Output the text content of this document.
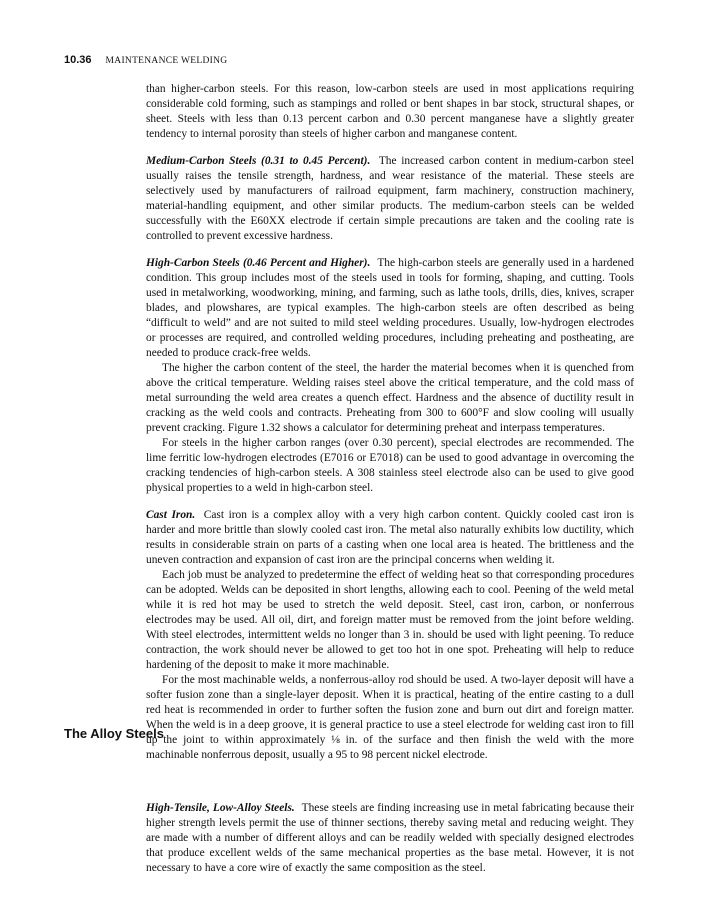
10.36 MAINTENANCE WELDING

than higher-carbon steels. For this reason, low-carbon steels are used in most applications requiring considerable cold forming, such as stampings and rolled or bent shapes in bar stock, structural shapes, or sheet. Steels with less than 0.13 percent carbon and 0.30 percent manganese have a slightly greater tendency to internal porosity than steels of higher carbon and manganese content.

Medium-Carbon Steels (0.31 to 0.45 Percent). The increased carbon content in medium-carbon steel usually raises the tensile strength, hardness, and wear resistance of the material. These steels are selectively used by manufacturers of railroad equipment, farm machinery, construction machinery, material-handling equipment, and other similar products. The medium-carbon steels can be welded successfully with the E60XX electrode if certain simple precautions are taken and the cooling rate is controlled to prevent excessive hardness.

High-Carbon Steels (0.46 Percent and Higher). The high-carbon steels are generally used in a hardened condition. This group includes most of the steels used in tools for forming, shaping, and cutting. Tools used in metalworking, woodworking, mining, and farming, such as lathe tools, drills, dies, knives, scraper blades, and plowshares, are typical examples. The high-carbon steels are often described as being “difficult to weld” and are not suited to mild steel welding procedures. Usually, low-hydrogen electrodes or processes are required, and controlled welding procedures, including preheating and postheating, are needed to produce crack-free welds.

The higher the carbon content of the steel, the harder the material becomes when it is quenched from above the critical temperature. Welding raises steel above the critical temperature, and the cold mass of metal surrounding the weld area creates a quench effect. Hardness and the absence of ductility result in cracking as the weld cools and contracts. Preheating from 300 to 600°F and slow cooling will usually prevent cracking. Figure 1.32 shows a calculator for determining preheat and interpass temperatures.

For steels in the higher carbon ranges (over 0.30 percent), special electrodes are recommended. The lime ferritic low-hydrogen electrodes (E7016 or E7018) can be used to good advantage in overcoming the cracking tendencies of high-carbon steels. A 308 stainless steel electrode also can be used to give good physical properties to a weld in high-carbon steel.

Cast Iron. Cast iron is a complex alloy with a very high carbon content. Quickly cooled cast iron is harder and more brittle than slowly cooled cast iron. The metal also naturally exhibits low ductility, which results in considerable strain on parts of a casting when one local area is heated. The brittleness and the uneven contraction and expansion of cast iron are the principal concerns when welding it.

Each job must be analyzed to predetermine the effect of welding heat so that corresponding procedures can be adopted. Welds can be deposited in short lengths, allowing each to cool. Peening of the weld metal while it is red hot may be used to stretch the weld deposit. Steel, cast iron, carbon, or nonferrous electrodes may be used. All oil, dirt, and foreign matter must be removed from the joint before welding. With steel electrodes, intermittent welds no longer than 3 in. should be used with light peening. To reduce contraction, the work should never be allowed to get too hot in one spot. Preheating will help to reduce hardening of the deposit to make it more machinable.

For the most machinable welds, a nonferrous-alloy rod should be used. A two-layer deposit will have a softer fusion zone than a single-layer deposit. When it is practical, heating of the entire casting to a dull red heat is recommended in order to further soften the fusion zone and burn out dirt and foreign matter. When the weld is in a deep groove, it is general practice to use a steel electrode for welding cast iron to fill up the joint to within approximately ⅛ in. of the surface and then finish the weld with the more machinable nonferrous deposit, usually a 95 to 98 percent nickel electrode.

The Alloy Steels

High-Tensile, Low-Alloy Steels. These steels are finding increasing use in metal fabricating because their higher strength levels permit the use of thinner sections, thereby saving metal and reducing weight. They are made with a number of different alloys and can be readily welded with specially designed electrodes that produce excellent welds of the same mechanical properties as the base metal. However, it is not necessary to have a core wire of exactly the same composition as the steel.
